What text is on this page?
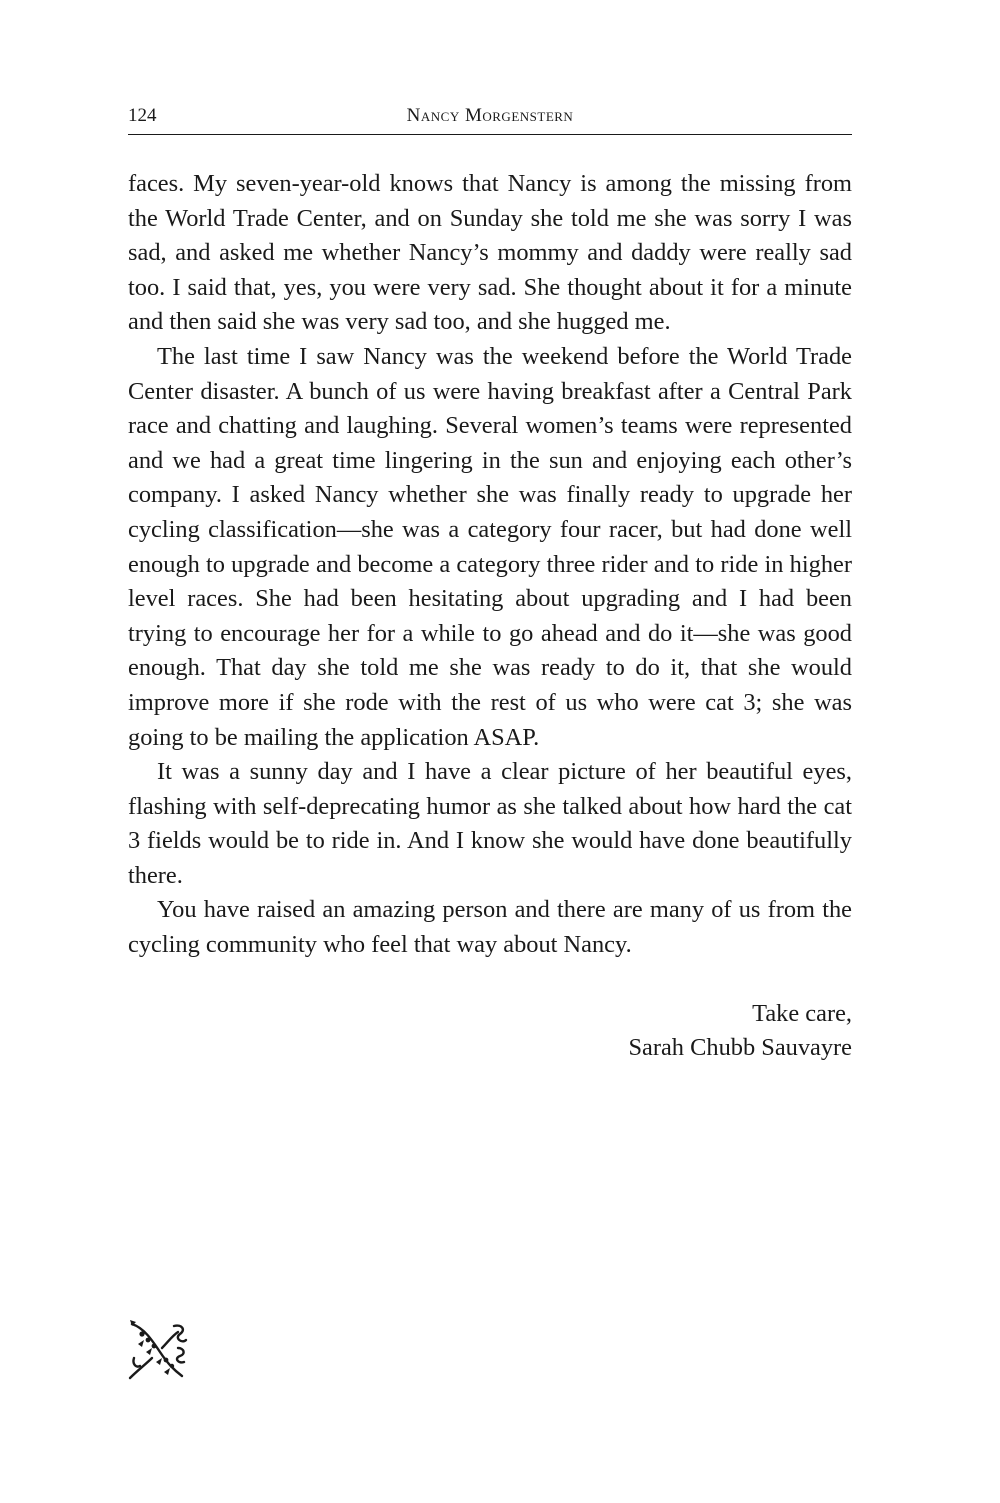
124	Nancy Morgenstern

faces. My seven-year-old knows that Nancy is among the missing from the World Trade Center, and on Sunday she told me she was sorry I was sad, and asked me whether Nancy’s mommy and daddy were really sad too. I said that, yes, you were very sad. She thought about it for a minute and then said she was very sad too, and she hugged me.

The last time I saw Nancy was the weekend before the World Trade Center disaster. A bunch of us were having breakfast after a Central Park race and chatting and laughing. Several women’s teams were represented and we had a great time lingering in the sun and enjoying each other’s company. I asked Nancy whether she was finally ready to upgrade her cycling classification—she was a category four racer, but had done well enough to upgrade and become a category three rider and to ride in higher level races. She had been hesitating about upgrading and I had been trying to encourage her for a while to go ahead and do it—she was good enough. That day she told me she was ready to do it, that she would improve more if she rode with the rest of us who were cat 3; she was going to be mailing the application ASAP.

It was a sunny day and I have a clear picture of her beautiful eyes, flashing with self-deprecating humor as she talked about how hard the cat 3 fields would be to ride in. And I know she would have done beautifully there.

You have raised an amazing person and there are many of us from the cycling community who feel that way about Nancy.

Take care,
Sarah Chubb Sauvayre
